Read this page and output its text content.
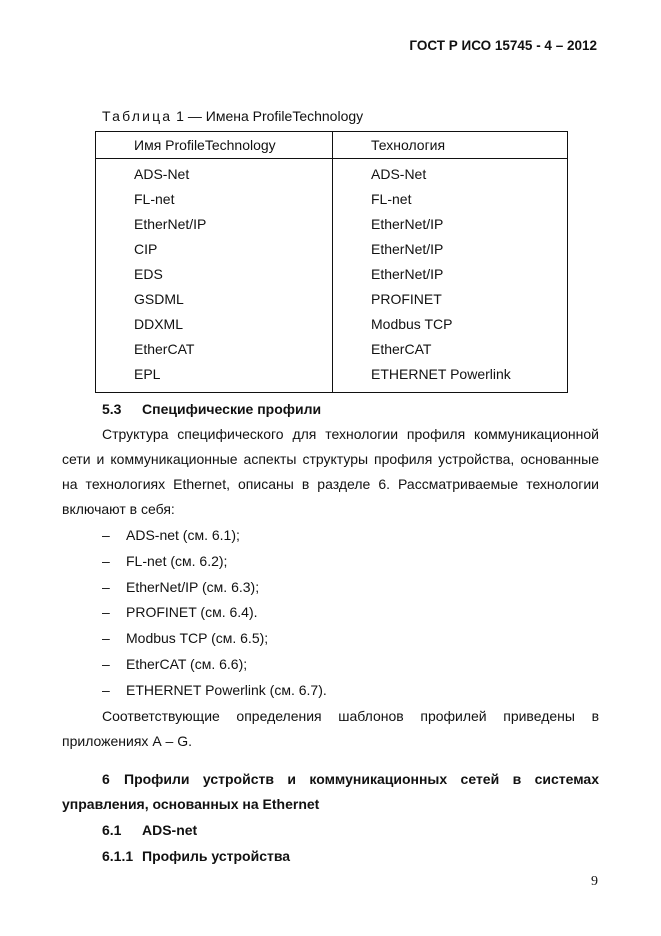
ГОСТ Р ИСО 15745 - 4 – 2012
Таблица 1 — Имена ProfileTechnology
Имя ProfileTechnology	Технология
ADS-Net	ADS-Net
FL-net	FL-net
EtherNet/IP	EtherNet/IP
CIP	EtherNet/IP
EDS	EtherNet/IP
GSDML	PROFINET
DDXML	Modbus TCP
EtherCAT	EtherCAT
EPL	ETHERNET Powerlink
5.3 Специфические профили
Структура специфического для технологии профиля коммуникационной сети и коммуникационные аспекты структуры профиля устройства, основанные на технологиях Ethernet, описаны в разделе 6. Рассматриваемые технологии включают в себя:
– ADS-net (см. 6.1);
– FL-net (см. 6.2);
– EtherNet/IP (см. 6.3);
– PROFINET (см. 6.4).
– Modbus TCP (см. 6.5);
– EtherCAT (см. 6.6);
– ETHERNET Powerlink (см. 6.7).
Соответствующие определения шаблонов профилей приведены в приложениях А – G.
6 Профили устройств и коммуникационных сетей в системах управления, основанных на Ethernet
6.1 ADS-net
6.1.1 Профиль устройства
9
